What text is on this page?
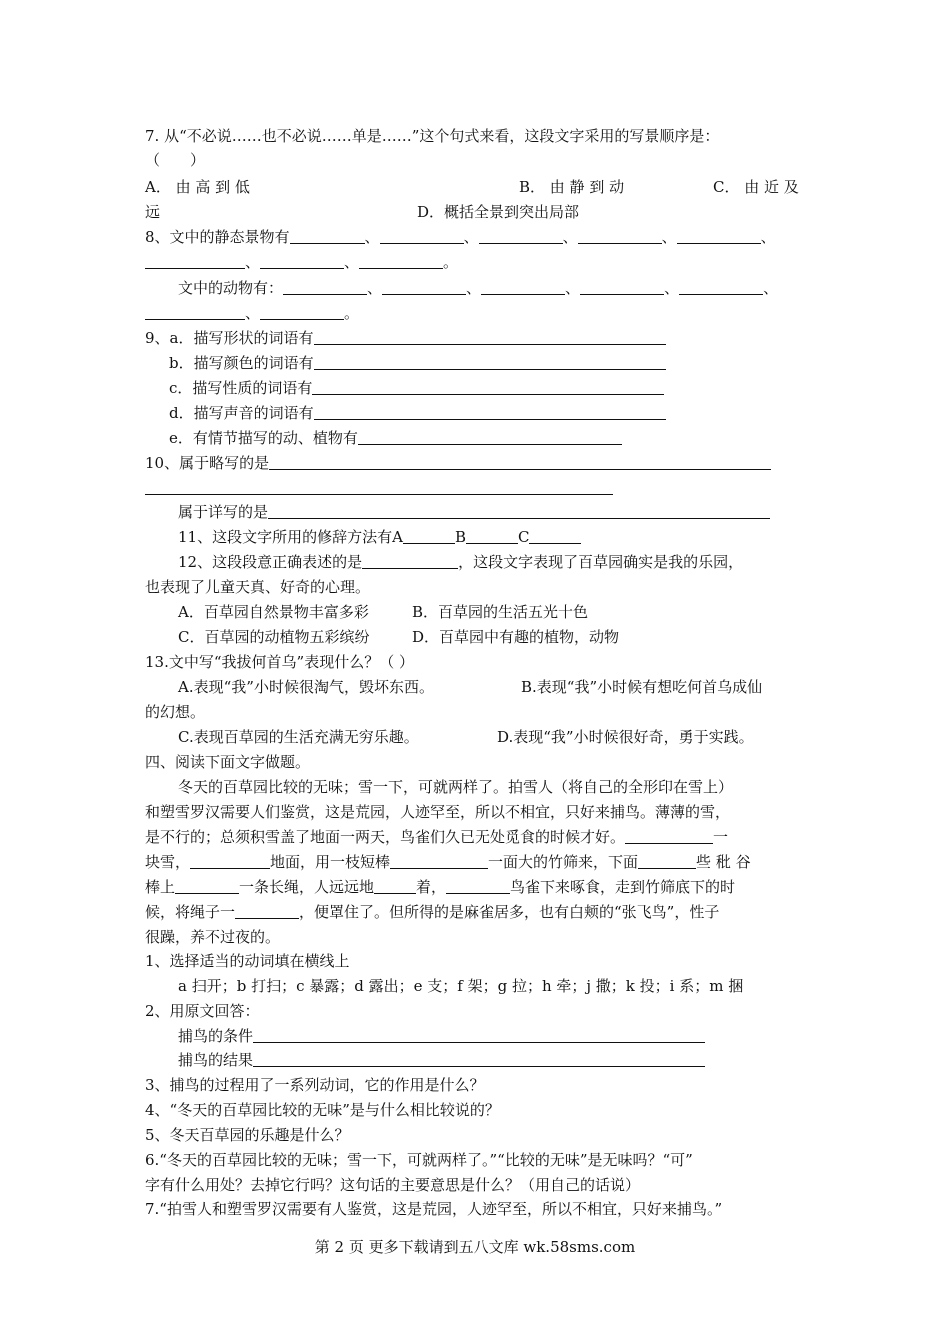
7. 从“不必说……也不必说……单是……”这个句式来看，这段文字采用的写景顺序是：
（　　）
A． 由 高 到 低	B． 由 静 到 动	C． 由 近 及
远	D．概括全景到突出局部
8、文中的静态景物有	、	、	、	、	、
、	、	。
文中的动物有：	、	、	、	、	、
、	。
9、a．描写形状的词语有
b．描写颜色的词语有
c．描写性质的词语有
d．描写声音的词语有
e．有情节描写的动、植物有
10、属于略写的是
属于详写的是
11、这段文字所用的修辞方法有A	B	C
12、这段段意正确表述的是	，这段文字表现了百草园确实是我的乐园，
也表现了儿童天真、好奇的心理。
A．百草园自然景物丰富多彩	B．百草园的生活五光十色
C．百草园的动植物五彩缤纷	D．百草园中有趣的植物，动物
13.文中写“我拔何首乌”表现什么？（ ）
A.表现“我”小时候很淘气，毁坏东西。	B.表现“我”小时候有想吃何首乌成仙
的幻想。
C.表现百草园的生活充满无穷乐趣。	D.表现“我”小时候很好奇，勇于实践。
四、阅读下面文字做题。
冬天的百草园比较的无味；雪一下，可就两样了。拍雪人（将自己的全形印在雪上）
和塑雪罗汉需要人们鉴赏，这是荒园，人迹罕至，所以不相宜，只好来捕鸟。薄薄的雪，
是不行的；总须积雪盖了地面一两天，鸟雀们久已无处觅食的时候才好。	一
块雪，	地面，用一枝短棒	一面大的竹筛来，下面	些 秕 谷
棒上	一条长绳，人远远地	着，	鸟雀下来啄食，走到竹筛底下的时
候，将绳子一	，便罩住了。但所得的是麻雀居多，也有白颊的“张飞鸟”，性子
很躁，养不过夜的。
1、选择适当的动词填在横线上
a 扫开；b 打扫；c 暴露；d 露出；e 支；f 架；g 拉；h 牵；j 撒；k 投；i 系；m 捆
2、用原文回答：
捕鸟的条件
捕鸟的结果
3、捕鸟的过程用了一系列动词，它的作用是什么？
4、“冬天的百草园比较的无味”是与什么相比较说的？
5、冬天百草园的乐趣是什么？
6.“冬天的百草园比较的无味；雪一下，可就两样了。”“比较的无味”是无味吗？“可”
字有什么用处？去掉它行吗？这句话的主要意思是什么？（用自己的话说）
7.“拍雪人和塑雪罗汉需要有人鉴赏，这是荒园，人迹罕至，所以不相宜，只好来捕鸟。”
第 2 页 更多下载请到五八文库 wk.58sms.com
